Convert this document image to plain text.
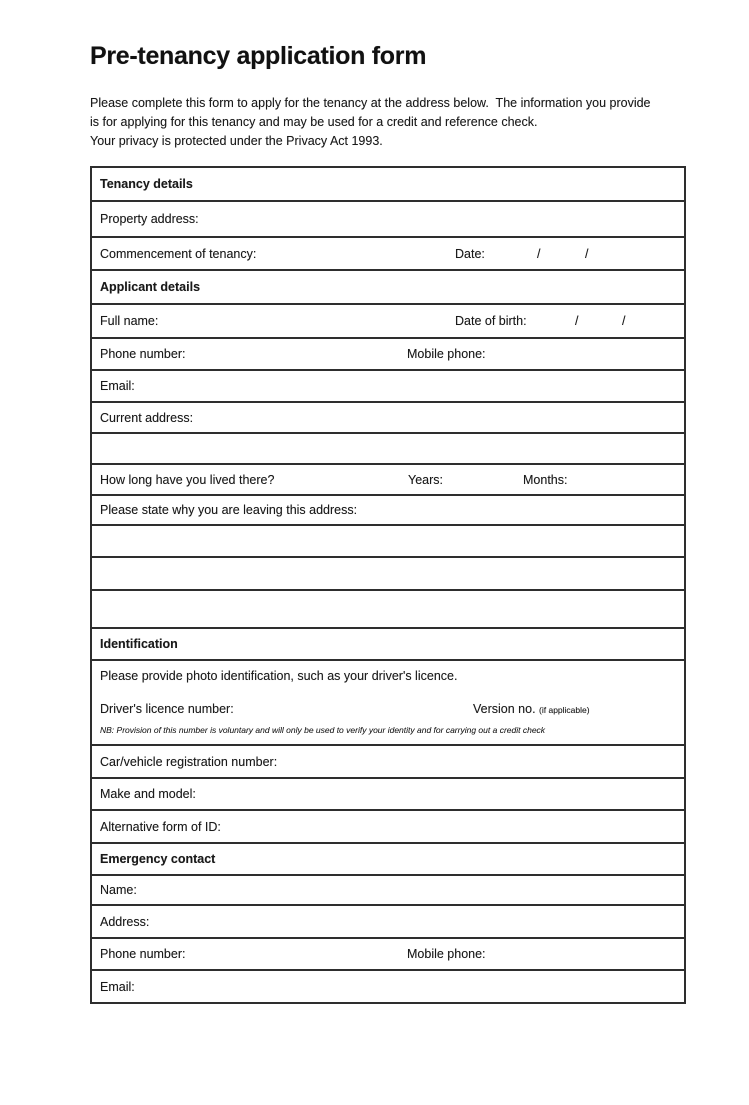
Pre-tenancy application form
Please complete this form to apply for the tenancy at the address below.  The information you provide
is for applying for this tenancy and may be used for a credit and reference check.
Your privacy is protected under the Privacy Act 1993.
Tenancy details
Property address:
Commencement of tenancy:	Date:	/	/
Applicant details
Full name:	Date of birth:	/	/
Phone number:	Mobile phone:
Email:
Current address:
How long have you lived there?	Years:	Months:
Please state why you are leaving this address:
Identification
Please provide photo identification, such as your driver's licence.
Driver's licence number:	Version no. (if applicable)
NB: Provision of this number is voluntary and will only be used to verify your identity and for carrying out a credit check
Car/vehicle registration number:
Make and model:
Alternative form of ID:
Emergency contact
Name:
Address:
Phone number:	Mobile phone:
Email:
